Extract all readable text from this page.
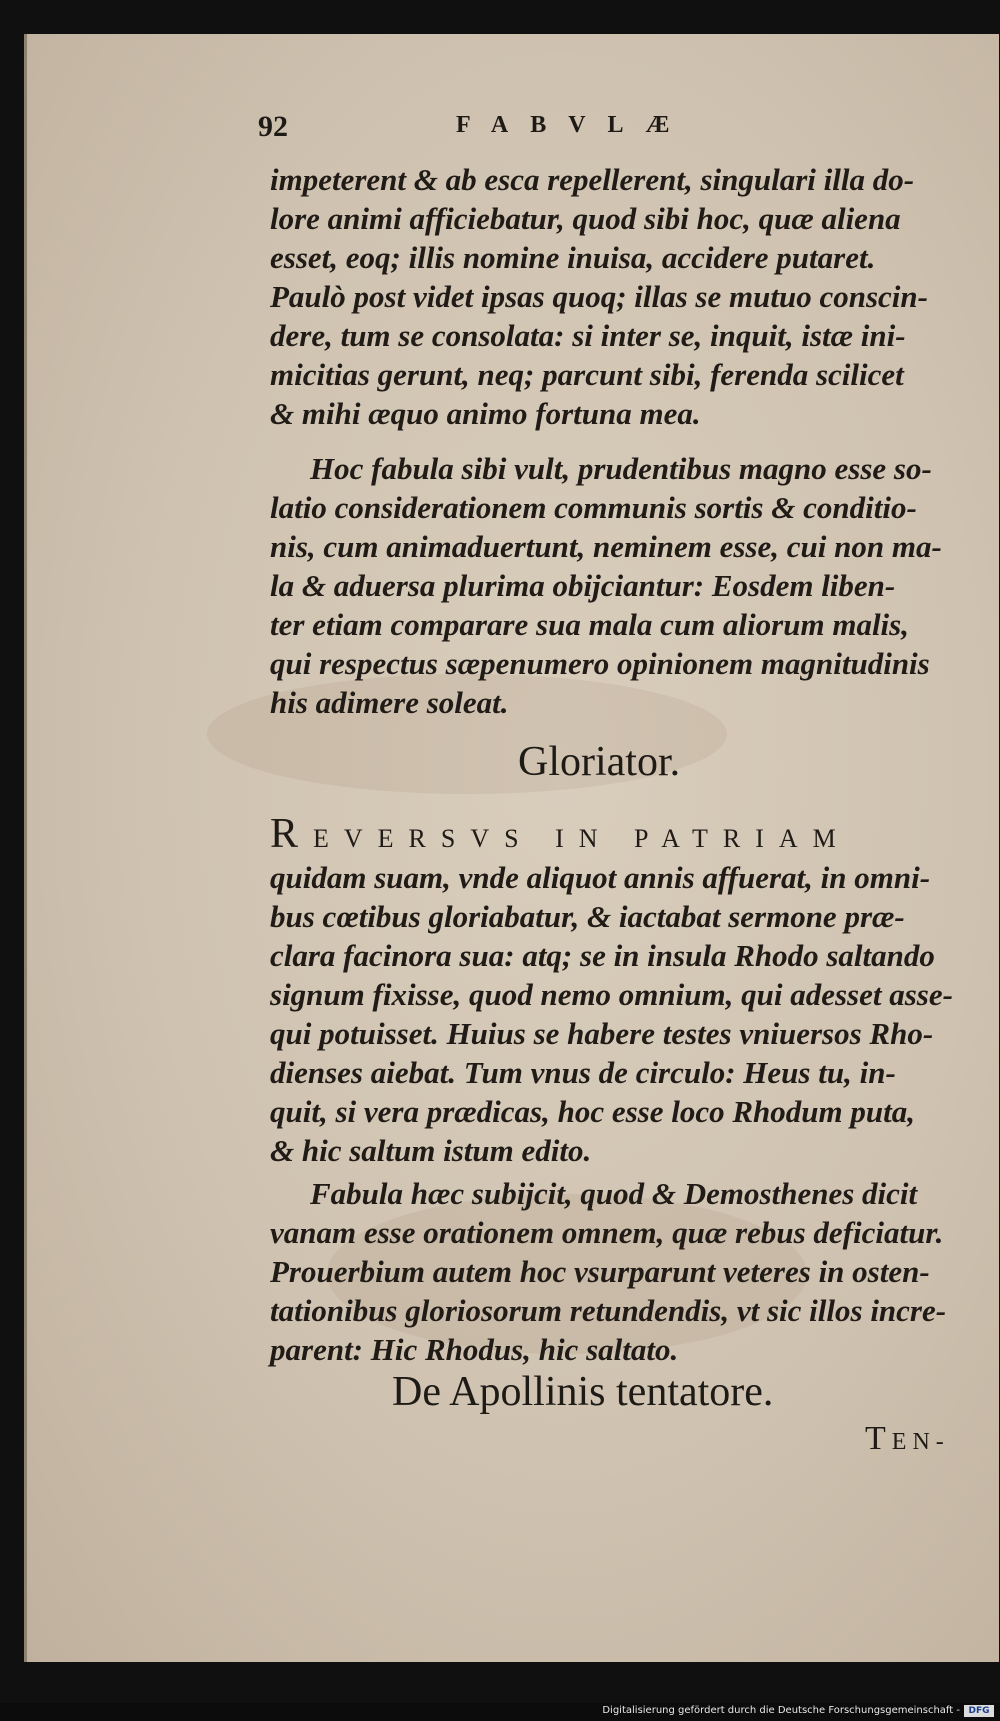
92	FABVLÆ
impeterent & ab esca repellerent, singulari illa do-
lore animi afficiebatur, quod sibi hoc, quæ aliena
esset, eoq; illis nomine inuisa, accidere putaret.
Paulò post videt ipsas quoq; illas se mutuo conscin-
dere, tum se consolata: si inter se, inquit, istæ ini-
micitias gerunt, neq; parcunt sibi, ferenda scilicet
& mihi æquo animo fortuna mea.
Hoc fabula sibi vult, prudentibus magno esse so-
latio considerationem communis sortis & conditio-
nis, cum animaduertunt, neminem esse, cui non ma-
la & aduersa plurima obijciantur: Eosdem liben-
ter etiam comparare sua mala cum aliorum malis,
qui respectus sæpenumero opinionem magnitudinis
his adimere soleat.
Gloriator.
REVERSVS IN PATRIAM
quidam suam, vnde aliquot annis affuerat, in omni-
bus cœtibus gloriabatur, & iactabat sermone præ-
clara facinora sua: atq; se in insula Rhodo saltando
signum fixisse, quod nemo omnium, qui adesset asse-
qui potuisset. Huius se habere testes vniuersos Rho-
dienses aiebat. Tum vnus de circulo: Heus tu, in-
quit, si vera prædicas, hoc esse loco Rhodum puta,
& hic saltum istum edito.
Fabula hæc subijcit, quod & Demosthenes dicit
vanam esse orationem omnem, quæ rebus deficiatur.
Prouerbium autem hoc vsurparunt veteres in osten-
tationibus gloriosorum retundendis, vt sic illos incre-
parent: Hic Rhodus, hic saltato.
De Apollinis tentatore.
TEN-
Digitalisierung gefördert durch die Deutsche Forschungsgemeinschaft - DFG
